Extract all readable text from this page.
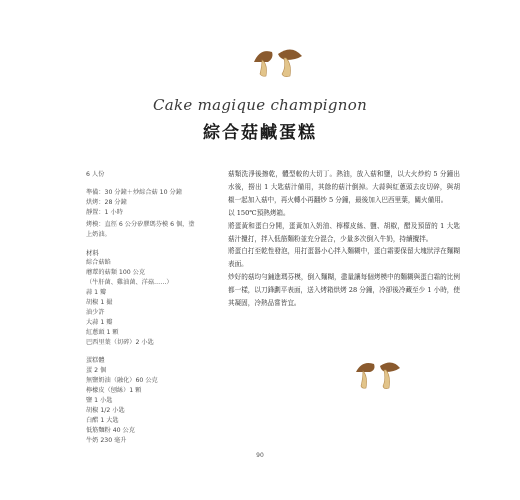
Cake magique champignon
綜合菇鹹蛋糕
6 人份
準備：30 分鐘＋炒綜合菇 10 分鐘
烘烤：28 分鐘
靜置：1 小時
烤模：直徑 6 公分矽膠瑪芬模 6 個，塗
上奶油。
材料
綜合菇餡
蘑蕈的菇類 100 公克
（牛肝菌、雞油菌、洋菇……）
蒜 1 瓣
胡椒 1 撮
油少許
大蒜 1 瓣
紅蔥頭 1 顆
巴西里葉（切碎）2 小匙
蛋糕體
蛋 2 個
無鹽奶油（融化）60 公克
檸檬皮（刨絲）1 顆
鹽 1 小匙
胡椒 1/2 小匙
白醋 1 大匙
低筋麵粉 40 公克
牛奶 230 毫升

菇類洗淨後擦乾，體型較的大切丁。熱油，放入菇和鹽，以大火炒約 5 分鐘出水後，撈出 1 大匙菇汁備用，其餘的菇汁倒掉。大蒜與紅蔥頭去皮切碎，與胡椒一起加入菇中，再火轉小再翻炒 5 分鐘，最後加入巴西里葉，關火備用。

以 150℃預熱烤箱。

將蛋黃和蛋白分開，蛋黃加入奶油、檸檬皮絲、鹽、胡椒，醋及預留的 1 大匙菇汁攪打，拌入低筋麵粉並充分混合，少量多次倒入牛奶，持續攪拌。

將蛋白打至乾性發泡，用打蛋器小心拌入麵糊中，蛋白霜要保留大塊狀浮在麵糊表面。

炒好的菇均勻鋪進瑪芬模，倒入麵糊，盡量讓每個烤模中的麵糊與蛋白霜的比例都一樣，以刀鋒劃平表面，送入烤箱烘烤 28 分鐘，冷卻後冷藏至少 1 小時，使其凝固，冷熱品嘗皆宜。

90
